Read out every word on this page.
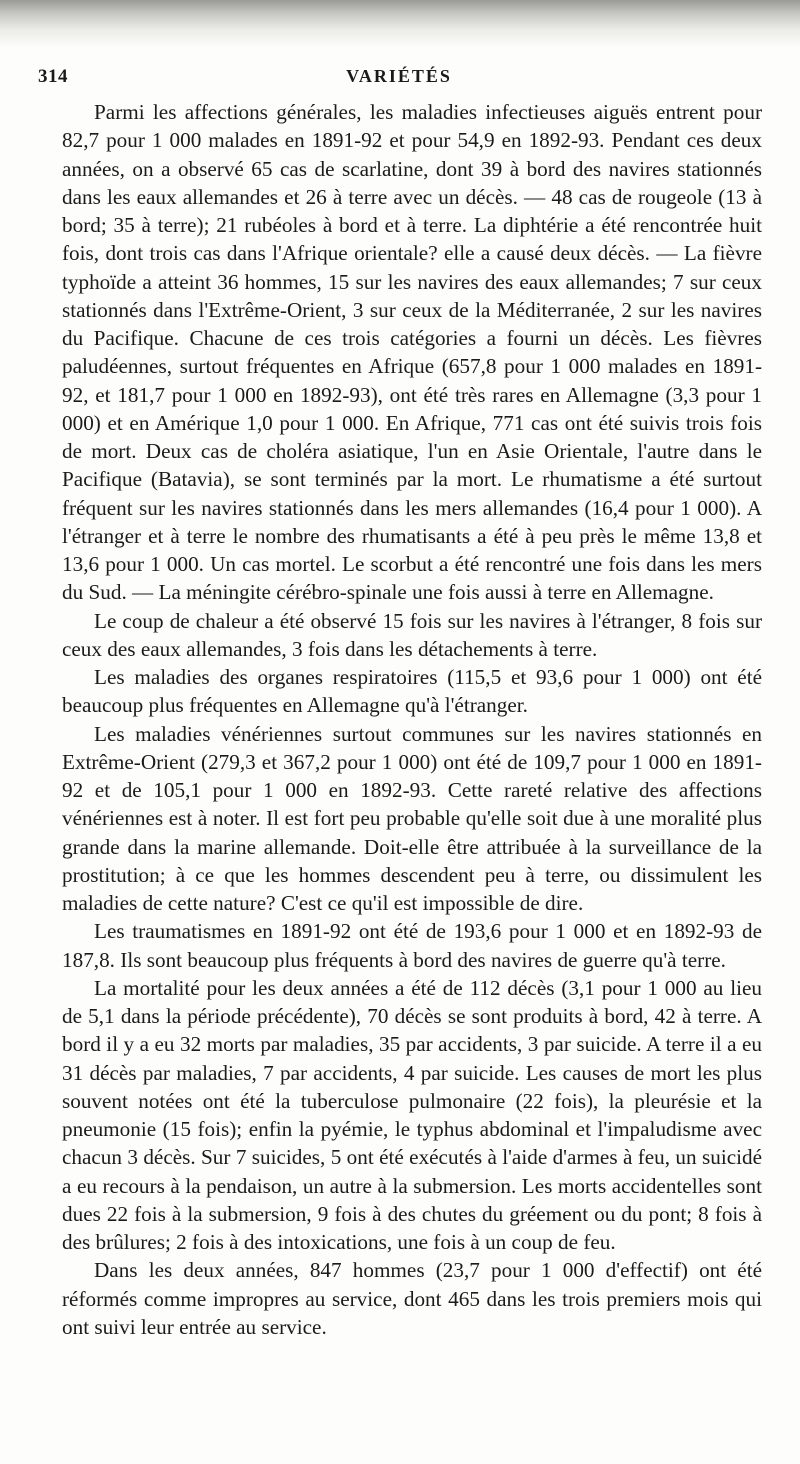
314	VARIÉTÉS

Parmi les affections générales, les maladies infectieuses aiguës entrent pour 82,7 pour 1 000 malades en 1891-92 et pour 54,9 en 1892-93. Pendant ces deux années, on a observé 65 cas de scarlatine, dont 39 à bord des navires stationnés dans les eaux allemandes et 26 à terre avec un décès. — 48 cas de rougeole (13 à bord; 35 à terre); 21 rubéoles à bord et à terre. La diphtérie a été rencontrée huit fois, dont trois cas dans l'Afrique orientale? elle a causé deux décès. — La fièvre typhoïde a atteint 36 hommes, 15 sur les navires des eaux allemandes; 7 sur ceux stationnés dans l'Extrême-Orient, 3 sur ceux de la Méditerranée, 2 sur les navires du Pacifique. Chacune de ces trois catégories a fourni un décès. Les fièvres paludéennes, surtout fréquentes en Afrique (657,8 pour 1 000 malades en 1891-92, et 181,7 pour 1 000 en 1892-93), ont été très rares en Allemagne (3,3 pour 1 000) et en Amérique 1,0 pour 1 000. En Afrique, 771 cas ont été suivis trois fois de mort. Deux cas de choléra asiatique, l'un en Asie Orientale, l'autre dans le Pacifique (Batavia), se sont terminés par la mort. Le rhumatisme a été surtout fréquent sur les navires stationnés dans les mers allemandes (16,4 pour 1 000). A l'étranger et à terre le nombre des rhumatisants a été à peu près le même 13,8 et 13,6 pour 1 000. Un cas mortel. Le scorbut a été rencontré une fois dans les mers du Sud. — La méningite cérébro-spinale une fois aussi à terre en Allemagne.

Le coup de chaleur a été observé 15 fois sur les navires à l'étranger, 8 fois sur ceux des eaux allemandes, 3 fois dans les détachements à terre.

Les maladies des organes respiratoires (115,5 et 93,6 pour 1 000) ont été beaucoup plus fréquentes en Allemagne qu'à l'étranger.

Les maladies vénériennes surtout communes sur les navires stationnés en Extrême-Orient (279,3 et 367,2 pour 1 000) ont été de 109,7 pour 1 000 en 1891-92 et de 105,1 pour 1 000 en 1892-93. Cette rareté relative des affections vénériennes est à noter. Il est fort peu probable qu'elle soit due à une moralité plus grande dans la marine allemande. Doit-elle être attribuée à la surveillance de la prostitution; à ce que les hommes descendent peu à terre, ou dissimulent les maladies de cette nature? C'est ce qu'il est impossible de dire.

Les traumatismes en 1891-92 ont été de 193,6 pour 1 000 et en 1892-93 de 187,8. Ils sont beaucoup plus fréquents à bord des navires de guerre qu'à terre.

La mortalité pour les deux années a été de 112 décès (3,1 pour 1 000 au lieu de 5,1 dans la période précédente), 70 décès se sont produits à bord, 42 à terre. A bord il y a eu 32 morts par maladies, 35 par accidents, 3 par suicide. A terre il a eu 31 décès par maladies, 7 par accidents, 4 par suicide. Les causes de mort les plus souvent notées ont été la tuberculose pulmonaire (22 fois), la pleurésie et la pneumonie (15 fois); enfin la pyémie, le typhus abdominal et l'impaludisme avec chacun 3 décès. Sur 7 suicides, 5 ont été exécutés à l'aide d'armes à feu, un suicidé a eu recours à la pendaison, un autre à la submersion. Les morts accidentelles sont dues 22 fois à la submersion, 9 fois à des chutes du gréement ou du pont; 8 fois à des brûlures; 2 fois à des intoxications, une fois à un coup de feu.

Dans les deux années, 847 hommes (23,7 pour 1 000 d'effectif) ont été réformés comme impropres au service, dont 465 dans les trois premiers mois qui ont suivi leur entrée au service.
